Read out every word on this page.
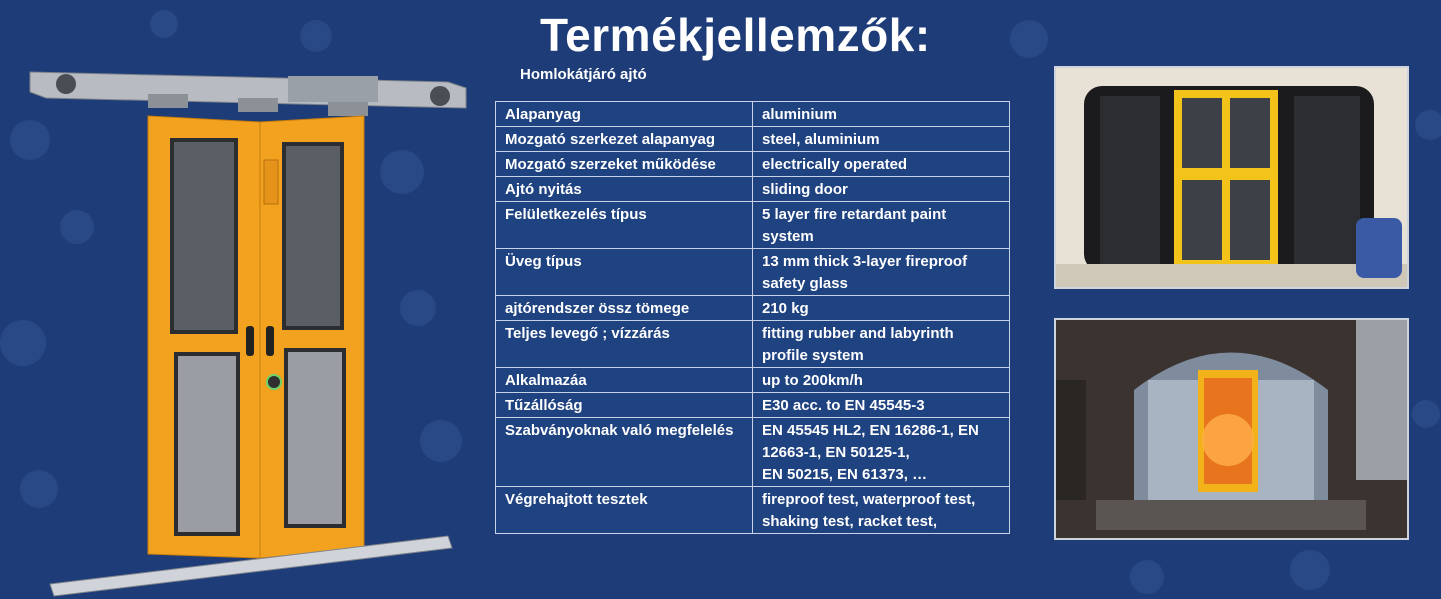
Termékjellemzők:
Homlokátjáró ajtó
Alapanyag	aluminium
Mozgató szerkezet alapanyag	steel, aluminium
Mozgató szerzeket működése	electrically operated
Ajtó nyitás	sliding door
Felületkezelés típus	5 layer fire retardant paint system
Üveg típus	13 mm thick 3-layer fireproof safety glass
ajtórendszer össz tömege	210 kg
Teljes levegő ; vízzárás	fitting rubber and labyrinth profile system
Alkalmazáa	up to 200km/h
Tűzállóság	E30 acc. to EN 45545-3
Szabványoknak való megfelelés	EN 45545 HL2, EN 16286-1, EN 12663-1, EN 50125-1,
EN 50215, EN 61373, …
Végrehajtott tesztek	fireproof test, waterproof test, shaking test, racket test,
